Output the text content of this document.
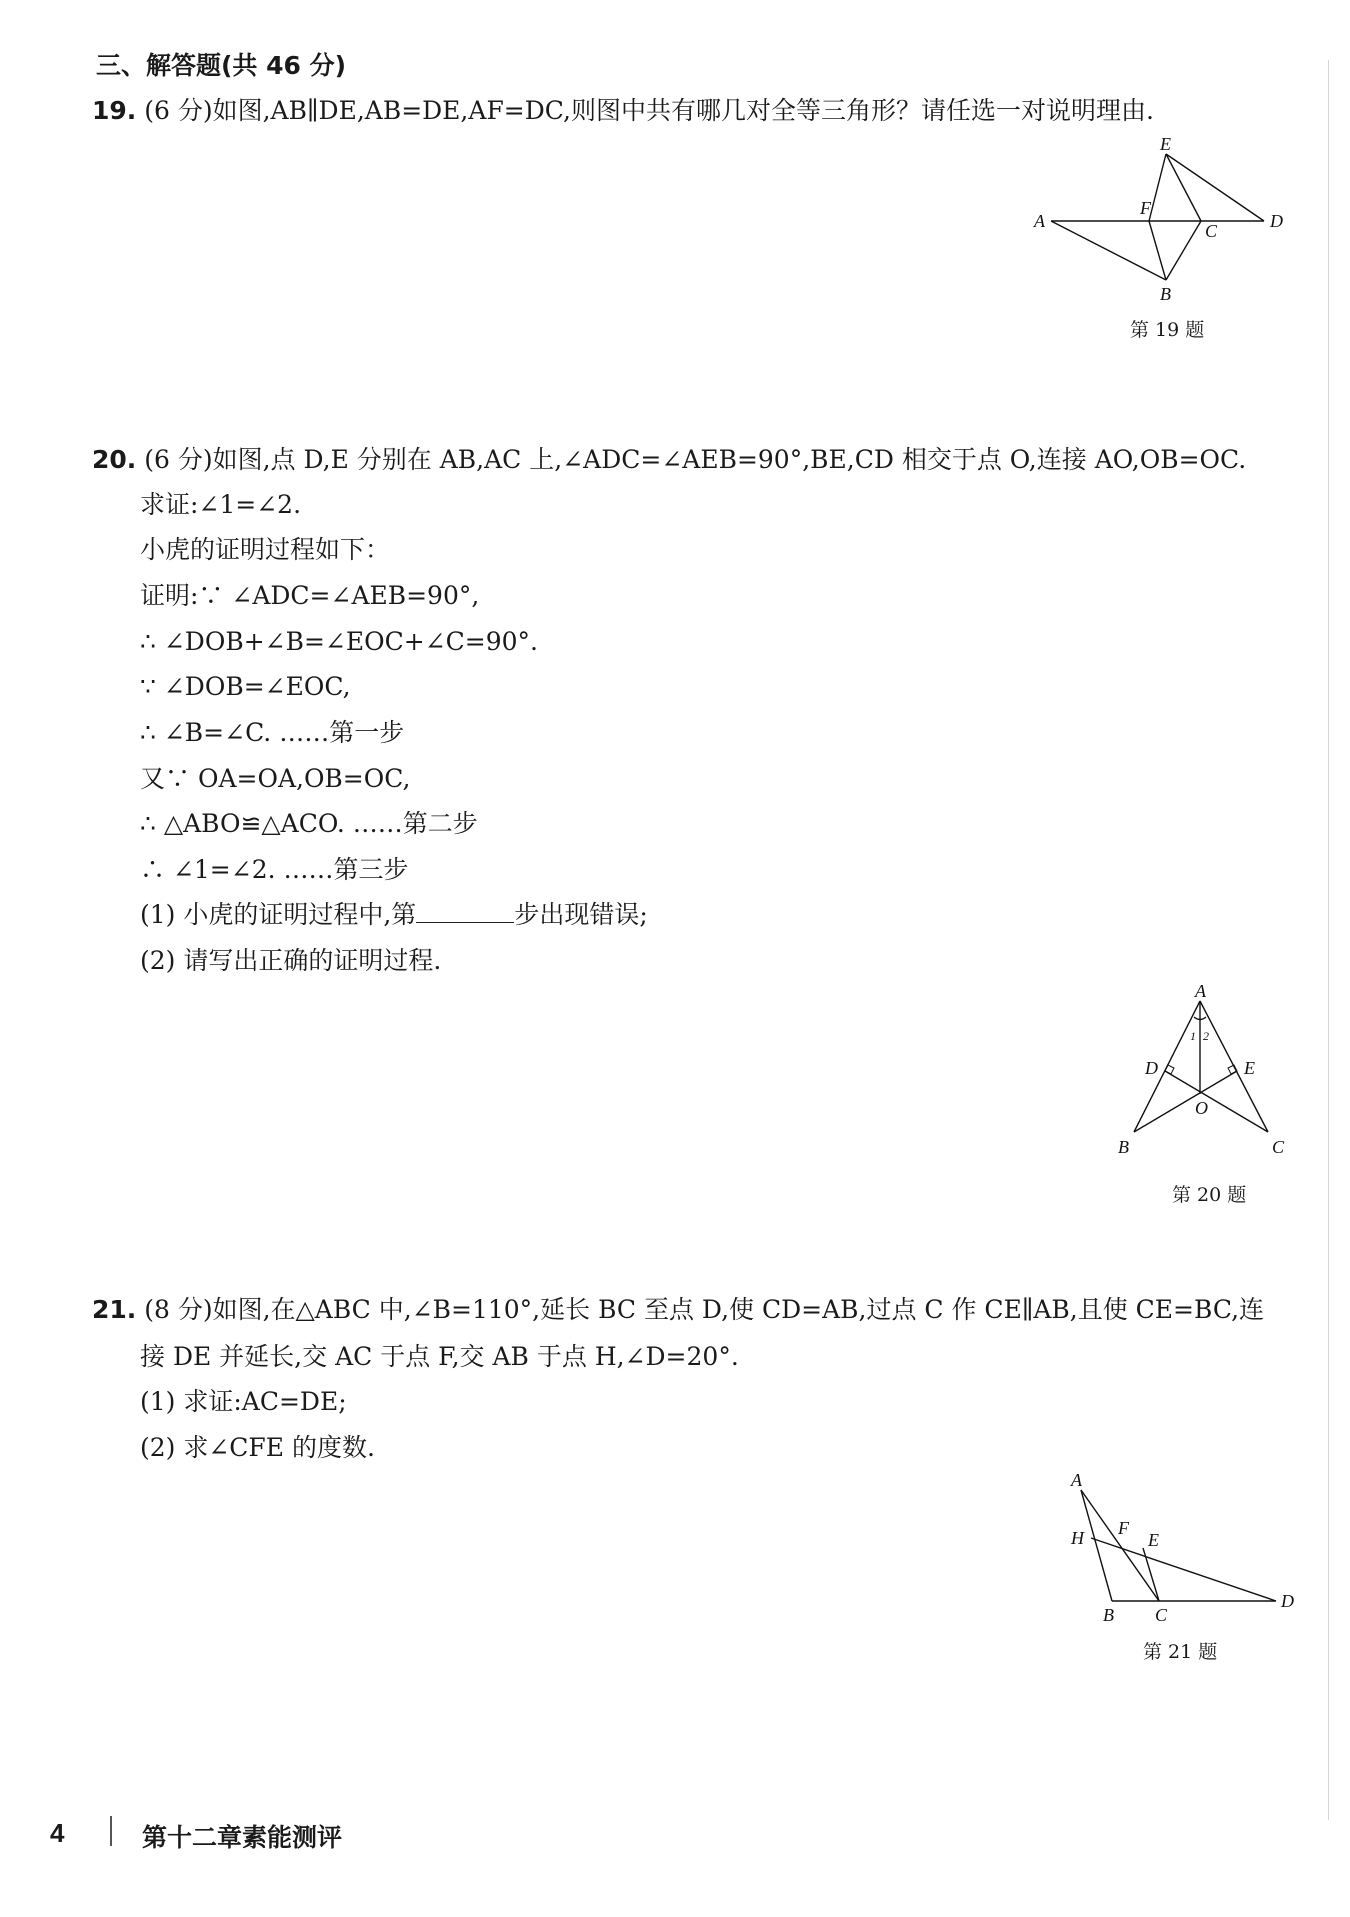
三、解答题(共 46 分)
19. (6 分)如图,AB∥DE,AB=DE,AF=DC,则图中共有哪几对全等三角形？请任选一对说明理由.
E
A
F
C	D
B
第 19 题
20. (6 分)如图,点 D,E 分别在 AB,AC 上,∠ADC=∠AEB=90°,BE,CD 相交于点 O,连接 AO,OB=OC.
求证:∠1=∠2.
小虎的证明过程如下：
证明:∵ ∠ADC=∠AEB=90°,
∴ ∠DOB+∠B=∠EOC+∠C=90°.
∵ ∠DOB=∠EOC,
∴ ∠B=∠C. ……第一步
又∵ OA=OA,OB=OC,
∴ △ABO≌△ACO. ……第二步
∴ ∠1=∠2. ……第三步
(1) 小虎的证明过程中,第	步出现错误;
(2) 请写出正确的证明过程.
A
1 2
D	E
O
B	C
第 20 题
21. (8 分)如图,在△ABC 中,∠B=110°,延长 BC 至点 D,使 CD=AB,过点 C 作 CE∥AB,且使 CE=BC,连
接 DE 并延长,交 AC 于点 F,交 AB 于点 H,∠D=20°.
(1) 求证:AC=DE;
(2) 求∠CFE 的度数.
A
H F
E
D
B C
第 21 题
4	第十二章素能测评
